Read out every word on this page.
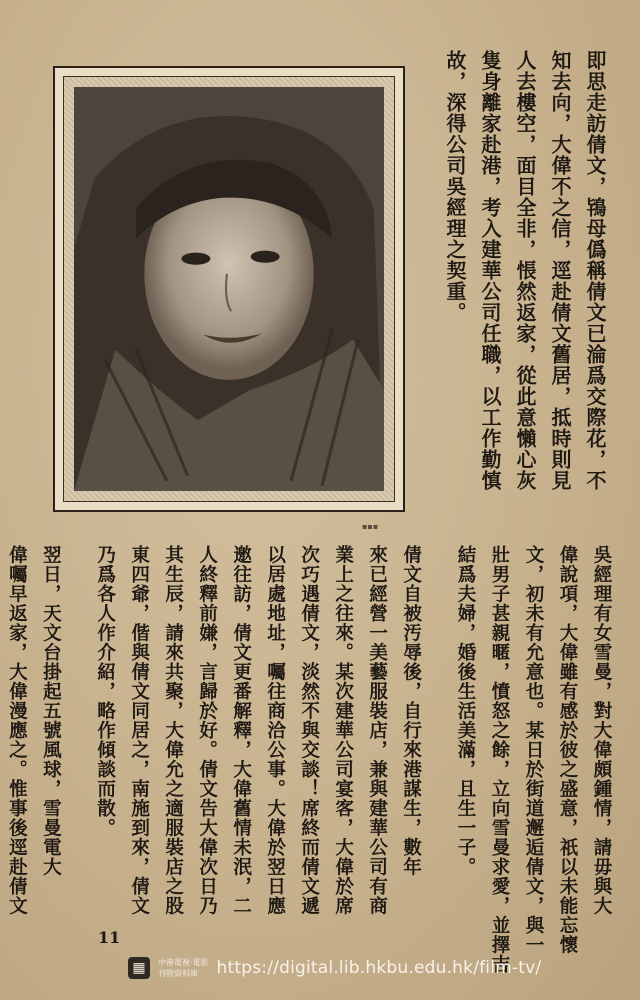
即思走訪倩文，鴇母僞稱倩文已淪爲交際花，不

知去向，大偉不之信，逕赴倩文舊居，抵時則見

人去樓空，面目全非，悵然返家，從此意懶心灰

隻身離家赴港，考入建華公司任職，以工作勤慎

故，深得公司吳經理之契重。

▪▪▪

吳經理有女雪曼，對大偉頗鍾情，請毋與大

偉說項，大偉雖有感於彼之盛意，祇以未能忘懷

文，初未有允意也。某日於街道邂逅倩文，與一

壯男子甚親暱，憤怒之餘，立向雪曼求愛，並擇吉

結爲夫婦，婚後生活美滿，且生一子。

倩文自被汚辱後，自行來港謀生，數年

來已經營一美藝服裝店，兼與建華公司有商

業上之往來。某次建華公司宴客，大偉於席

次巧遇倩文，淡然不與交談！席終而倩文遞

以居處地址，囑往商洽公事。大偉於翌日應

邀往訪，倩文更番解釋，大偉舊情未泯，二

人終釋前嫌，言歸於好。倩文告大偉次日乃

其生辰，請來共聚，大偉允之適服裝店之股

東四爺，偕與倩文同居之，南施到來，倩文

乃爲各人作介紹，略作傾談而散。

翌日，天文台掛起五號風球，雪曼電大

偉囑早返家，大偉漫應之。惟事後逕赴倩文

11
▦	中港電視·電影
刊物資料庫	https://digital.lib.hkbu.edu.hk/film-tv/
